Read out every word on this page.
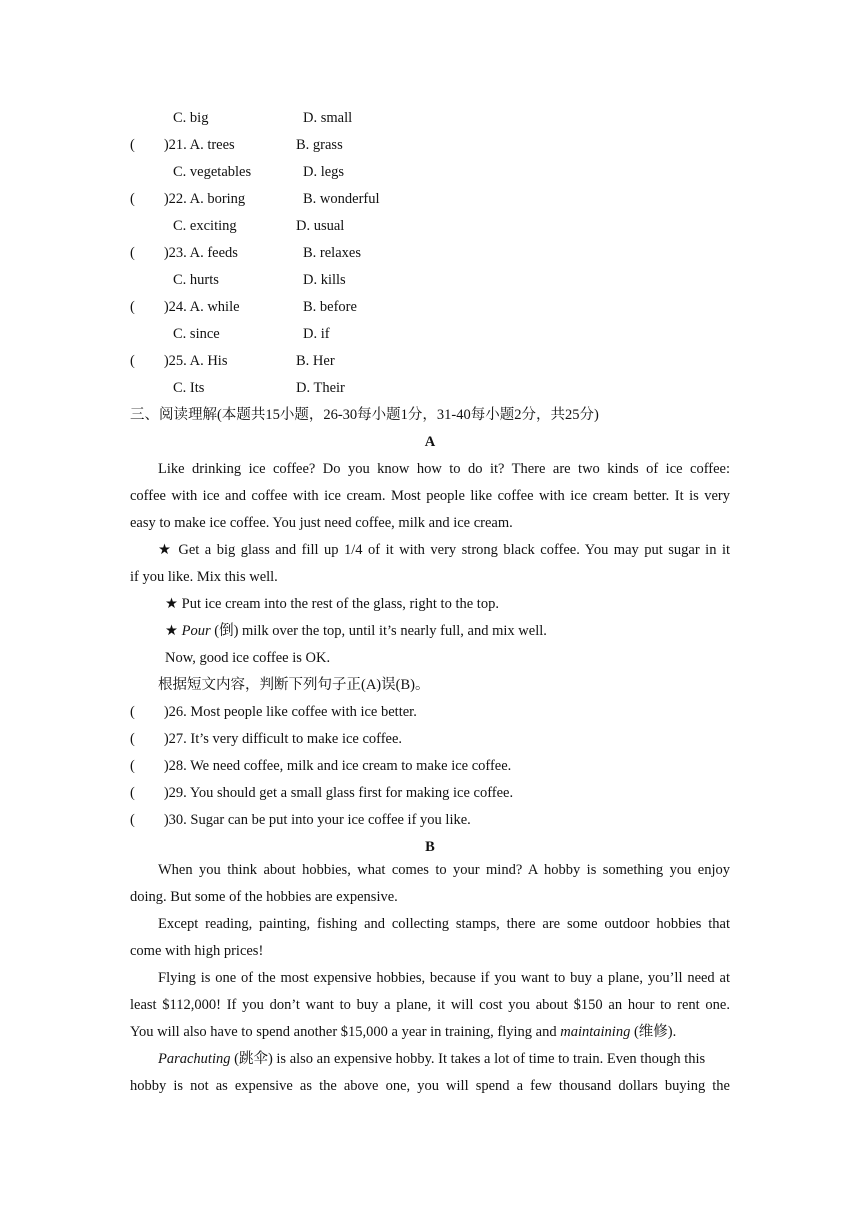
C. big	D. small
(　　)21. A. trees	B. grass
C. vegetables	D. legs
(　　)22. A. boring	B. wonderful
C. exciting	D. usual
(　　)23. A. feeds	B. relaxes
C. hurts	D. kills
(　　)24. A. while	B. before
C. since	D. if
(　　)25. A. His	B. Her
C. Its	D. Their
三、阅读理解(本题共15小题，26-30每小题1分，31-40每小题2分，共25分)
A
Like drinking ice coffee? Do you know how to do it? There are two kinds of ice coffee:
coffee with ice and coffee with ice cream. Most people like coffee with ice cream better. It is very
easy to make ice coffee. You just need coffee, milk and ice cream.
★ Get a big glass and fill up 1/4 of it with very strong black coffee. You may put sugar in it
if you like. Mix this well.
★ Put ice cream into the rest of the glass, right to the top.
★ Pour (倒) milk over the top, until it’s nearly full, and mix well.
Now, good ice coffee is OK.
根据短文内容，判断下列句子正(A)误(B)。
(　　)26. Most people like coffee with ice better.
(　　)27. It’s very difficult to make ice coffee.
(　　)28. We need coffee, milk and ice cream to make ice coffee.
(　　)29. You should get a small glass first for making ice coffee.
(　　)30. Sugar can be put into your ice coffee if you like.
B
When you think about hobbies, what comes to your mind? A hobby is something you enjoy
doing. But some of the hobbies are expensive.
Except reading, painting, fishing and collecting stamps, there are some outdoor hobbies that
come with high prices!
Flying is one of the most expensive hobbies, because if you want to buy a plane, you’ll need at
least $112,000! If you don’t want to buy a plane, it will cost you about $150 an hour to rent one.
You will also have to spend another $15,000 a year in training, flying and maintaining (维修).
Parachuting (跳伞) is also an expensive hobby. It takes a lot of time to train. Even though this
hobby is not as expensive as the above one, you will spend a few thousand dollars buying the
